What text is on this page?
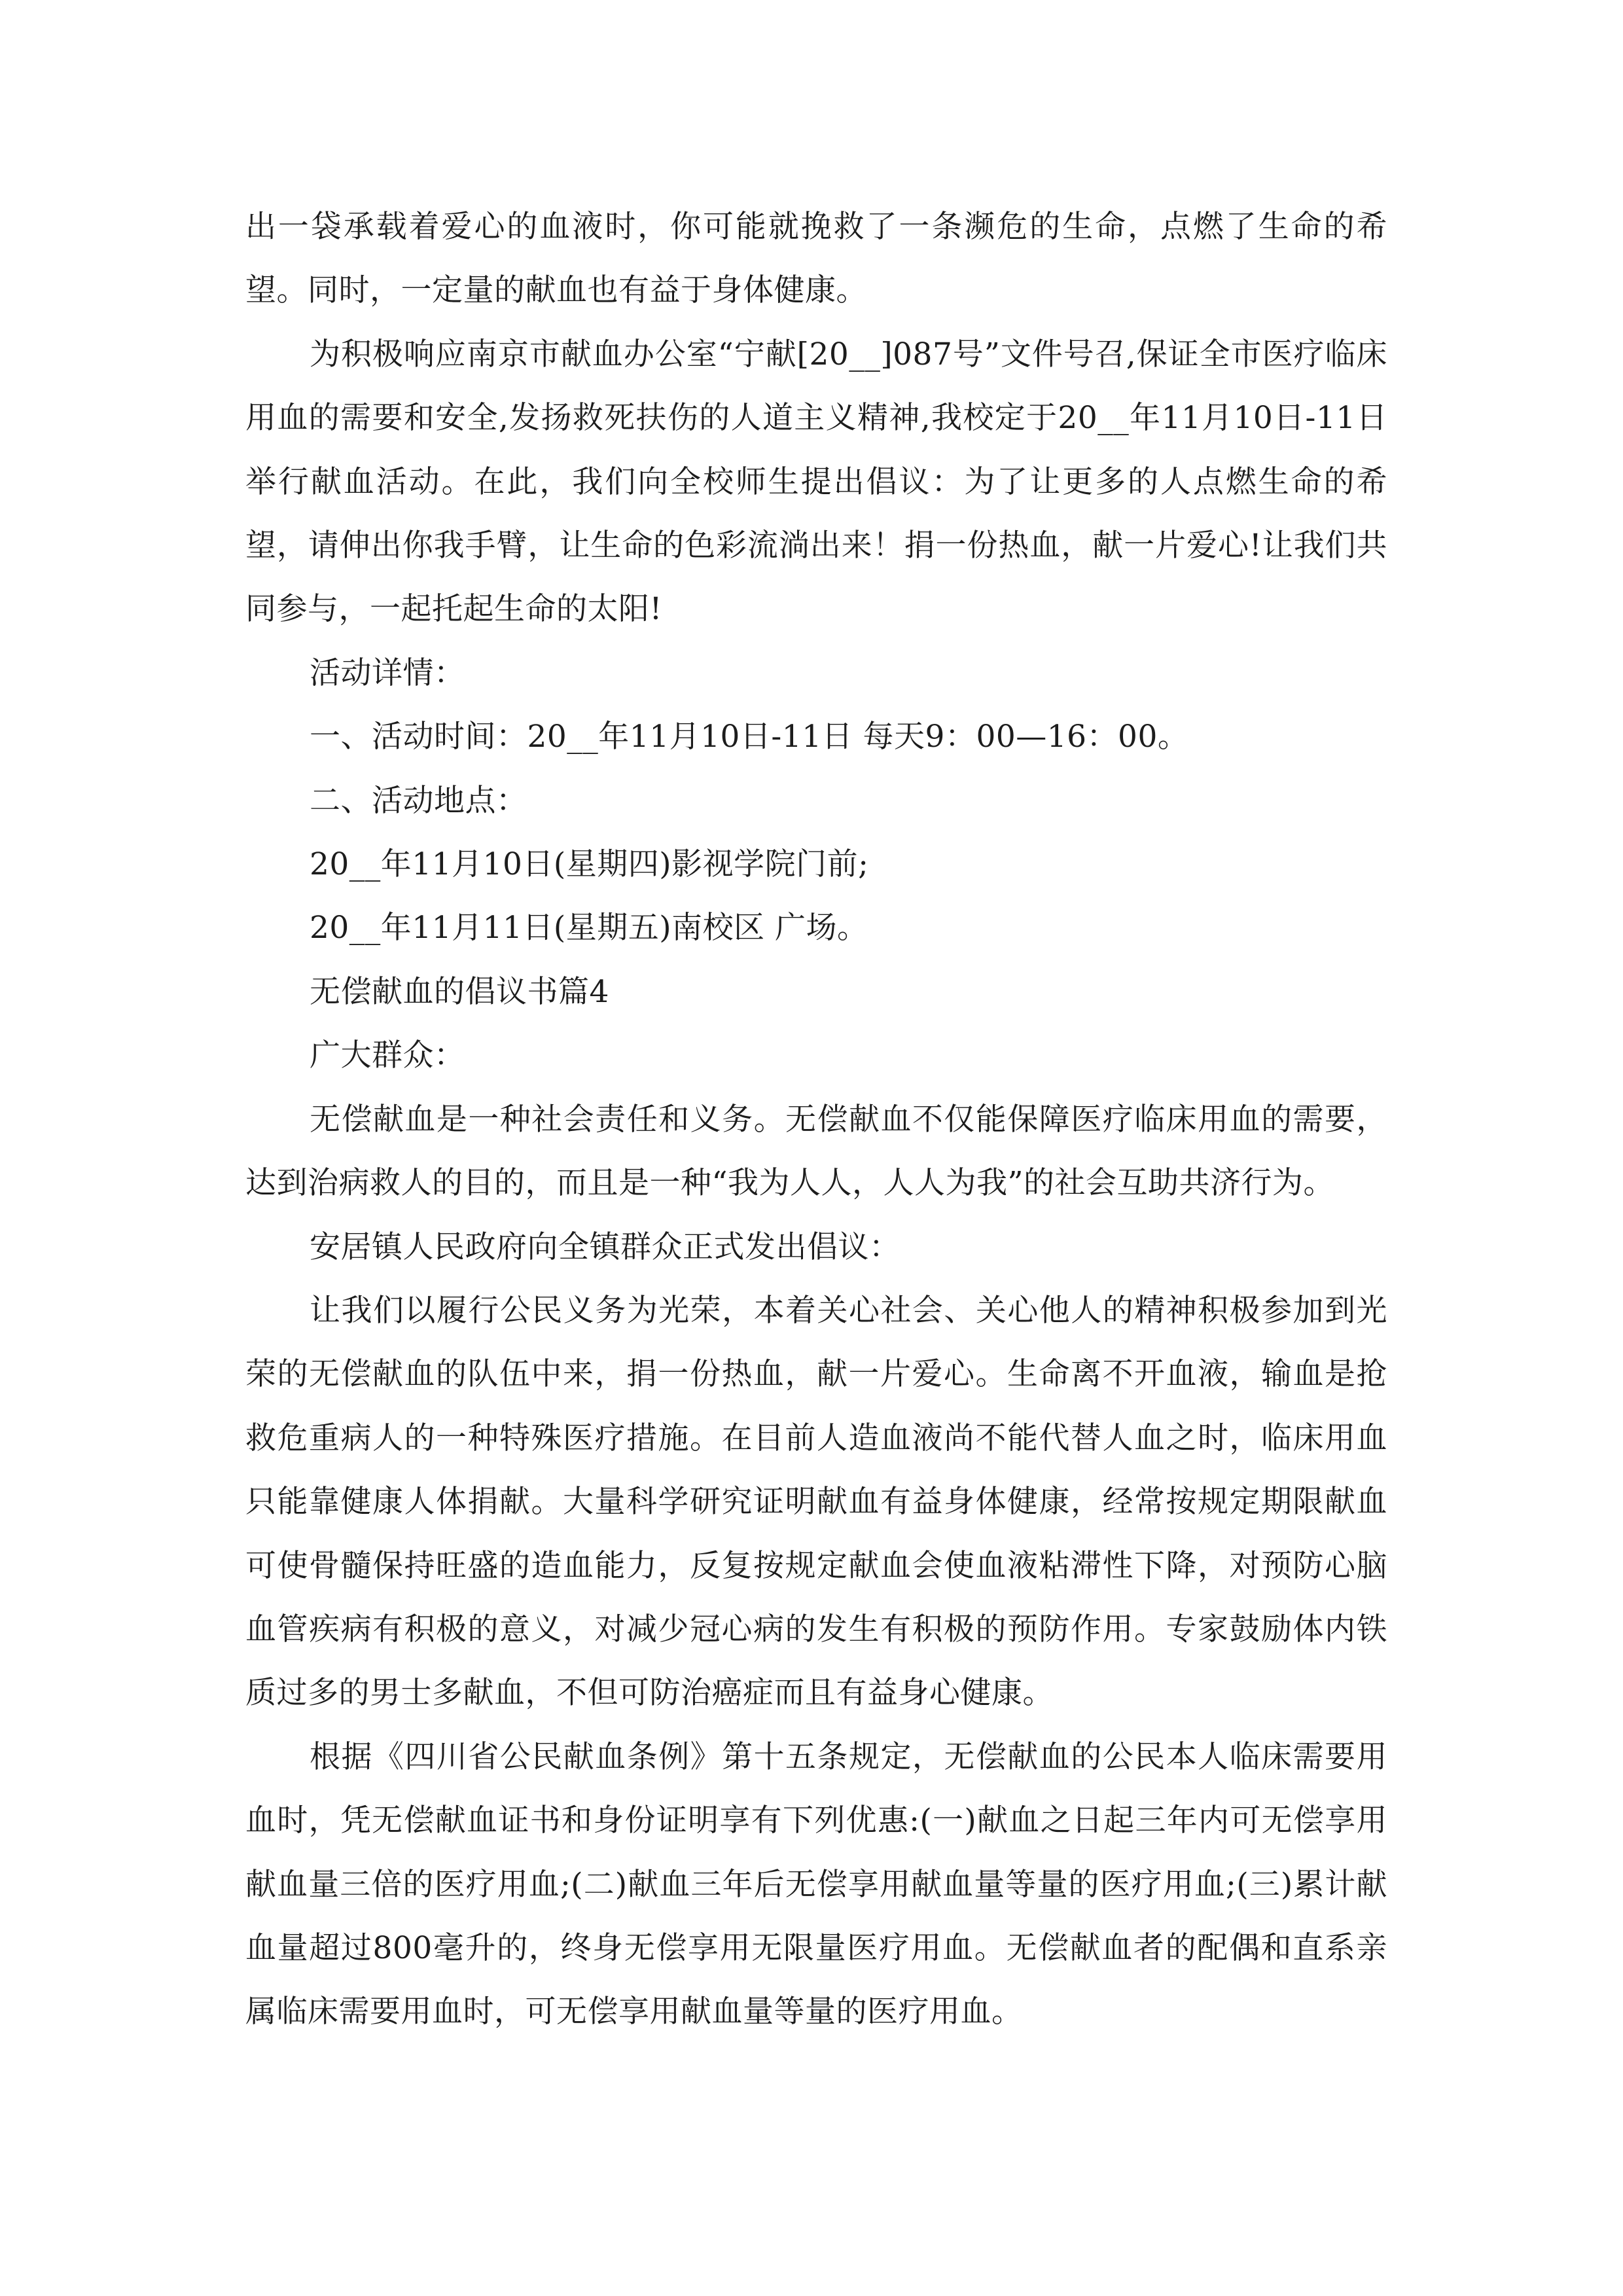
出一袋承载着爱心的血液时，你可能就挽救了一条濒危的生命，点燃了生命的希望。同时，一定量的献血也有益于身体健康。

为积极响应南京市献血办公室“宁献[20__]087号”文件号召,保证全市医疗临床用血的需要和安全,发扬救死扶伤的人道主义精神,我校定于20__年11月10日-11日举行献血活动。在此，我们向全校师生提出倡议：为了让更多的人点燃生命的希望，请伸出你我手臂，让生命的色彩流淌出来！捐一份热血，献一片爱心!让我们共同参与，一起托起生命的太阳!

活动详情：

一、活动时间：20__年11月10日-11日 每天9：00—16：00。

二、活动地点：

20__年11月10日(星期四)影视学院门前;

20__年11月11日(星期五)南校区 广场。

无偿献血的倡议书篇4

广大群众：

无偿献血是一种社会责任和义务。无偿献血不仅能保障医疗临床用血的需要，达到治病救人的目的，而且是一种“我为人人，人人为我”的社会互助共济行为。

安居镇人民政府向全镇群众正式发出倡议：

让我们以履行公民义务为光荣，本着关心社会、关心他人的精神积极参加到光荣的无偿献血的队伍中来，捐一份热血，献一片爱心。生命离不开血液，输血是抢救危重病人的一种特殊医疗措施。在目前人造血液尚不能代替人血之时，临床用血只能靠健康人体捐献。大量科学研究证明献血有益身体健康，经常按规定期限献血可使骨髓保持旺盛的造血能力，反复按规定献血会使血液粘滞性下降，对预防心脑血管疾病有积极的意义，对减少冠心病的发生有积极的预防作用。专家鼓励体内铁质过多的男士多献血，不但可防治癌症而且有益身心健康。

根据《四川省公民献血条例》第十五条规定，无偿献血的公民本人临床需要用血时，凭无偿献血证书和身份证明享有下列优惠:(一)献血之日起三年内可无偿享用献血量三倍的医疗用血;(二)献血三年后无偿享用献血量等量的医疗用血;(三)累计献血量超过800毫升的，终身无偿享用无限量医疗用血。无偿献血者的配偶和直系亲属临床需要用血时，可无偿享用献血量等量的医疗用血。
